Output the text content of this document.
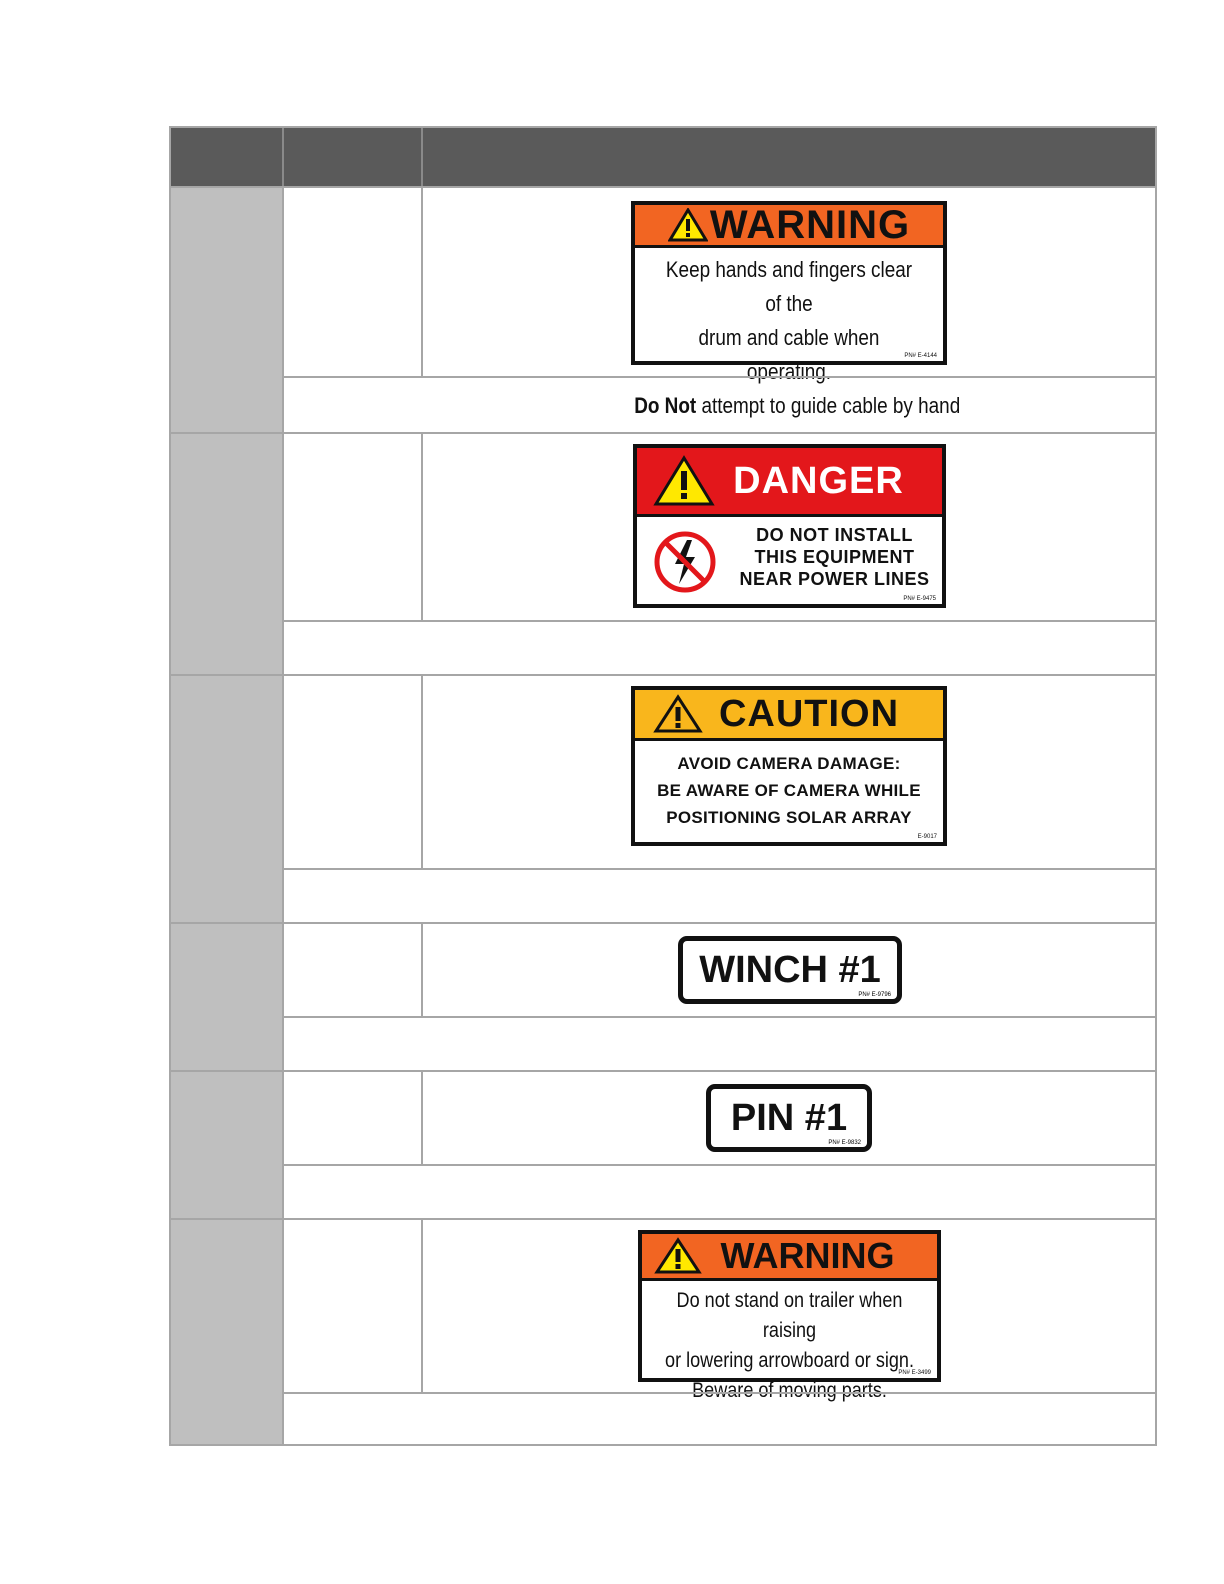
WARNING
Keep hands and fingers clear of the
drum and cable when operating.
Do Not attempt to guide cable by hand
PN# E-4144
DANGER
DO NOT INSTALL
THIS EQUIPMENT
NEAR POWER LINES
PN# E-9475
CAUTION
AVOID CAMERA DAMAGE:
BE AWARE OF CAMERA WHILE
POSITIONING SOLAR ARRAY
E-9017
WINCH #1
PN# E-9796
PIN #1
PN# E-9832
WARNING
Do not stand on trailer when raising
or lowering arrowboard or sign.
Beware of moving parts.
PN# E-3499
